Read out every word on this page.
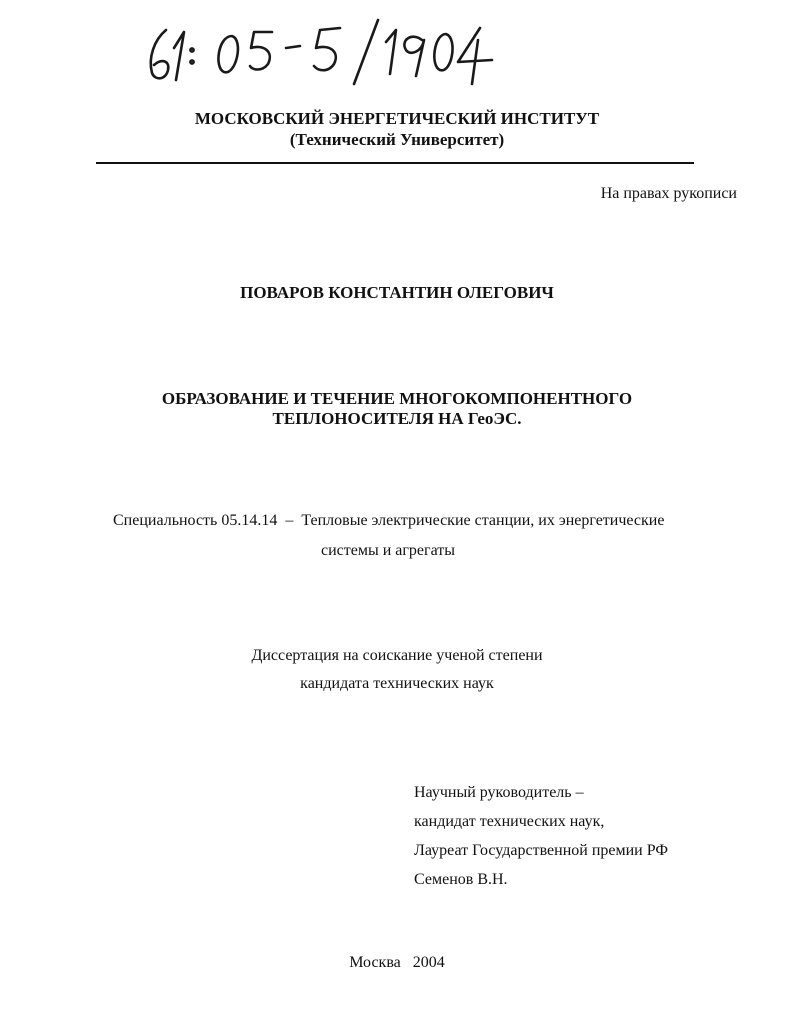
МОСКОВСКИЙ ЭНЕРГЕТИЧЕСКИЙ ИНСТИТУТ
(Технический Университет)
На правах рукописи
ПОВАРОВ КОНСТАНТИН ОЛЕГОВИЧ
ОБРАЗОВАНИЕ И ТЕЧЕНИЕ МНОГОКОМПОНЕНТНОГО
ТЕПЛОНОСИТЕЛЯ НА ГеоЭС.
Специальность 05.14.14  –  Тепловые электрические станции, их энергетические
системы и агрегаты
Диссертация на соискание ученой степени
кандидата технических наук
Научный руководитель –
кандидат технических наук,
Лауреат Государственной премии РФ
Семенов В.Н.
Москва   2004
